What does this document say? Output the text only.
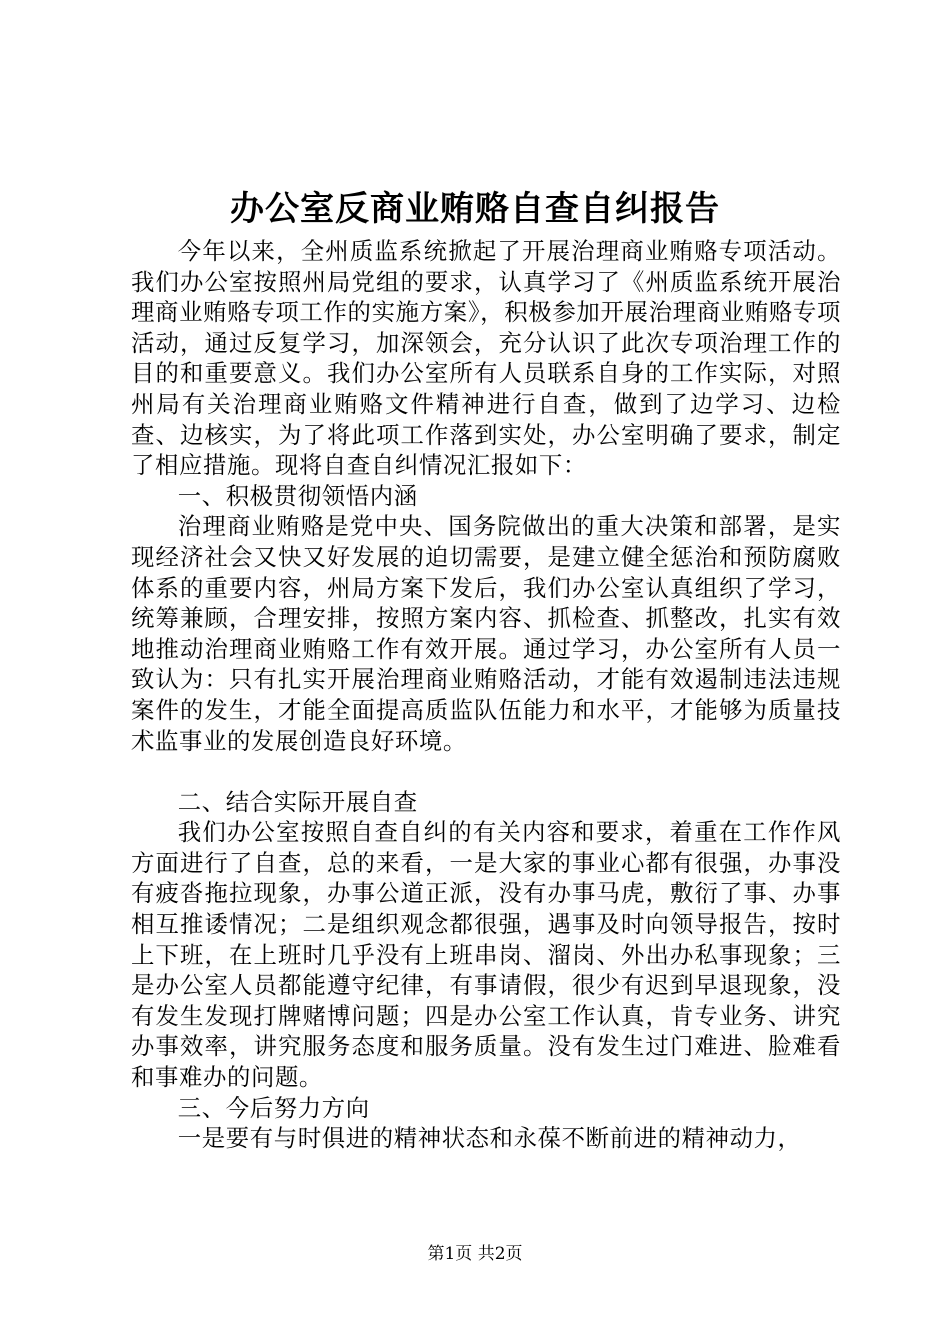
办公室反商业贿赂自查自纠报告

今年以来，全州质监系统掀起了开展治理商业贿赂专项活动。我们办公室按照州局党组的要求，认真学习了《州质监系统开展治理商业贿赂专项工作的实施方案》，积极参加开展治理商业贿赂专项活动，通过反复学习，加深领会，充分认识了此次专项治理工作的目的和重要意义。我们办公室所有人员联系自身的工作实际，对照州局有关治理商业贿赂文件精神进行自查，做到了边学习、边检查、边核实，为了将此项工作落到实处，办公室明确了要求，制定了相应措施。现将自查自纠情况汇报如下：

一、积极贯彻领悟内涵

治理商业贿赂是党中央、国务院做出的重大决策和部署，是实现经济社会又快又好发展的迫切需要，是建立健全惩治和预防腐败体系的重要内容，州局方案下发后，我们办公室认真组织了学习，统筹兼顾，合理安排，按照方案内容、抓检查、抓整改，扎实有效地推动治理商业贿赂工作有效开展。通过学习，办公室所有人员一致认为：只有扎实开展治理商业贿赂活动，才能有效遏制违法违规案件的发生，才能全面提高质监队伍能力和水平，才能够为质量技术监事业的发展创造良好环境。

二、结合实际开展自查

我们办公室按照自查自纠的有关内容和要求，着重在工作作风方面进行了自查，总的来看，一是大家的事业心都有很强，办事没有疲沓拖拉现象，办事公道正派，没有办事马虎，敷衍了事、办事相互推诿情况；二是组织观念都很强，遇事及时向领导报告，按时上下班，在上班时几乎没有上班串岗、溜岗、外出办私事现象；三是办公室人员都能遵守纪律，有事请假，很少有迟到早退现象，没有发生发现打牌赌博问题；四是办公室工作认真，肯专业务、讲究办事效率，讲究服务态度和服务质量。没有发生过门难进、脸难看和事难办的问题。

三、今后努力方向

一是要有与时俱进的精神状态和永葆不断前进的精神动力，

第1页 共2页
